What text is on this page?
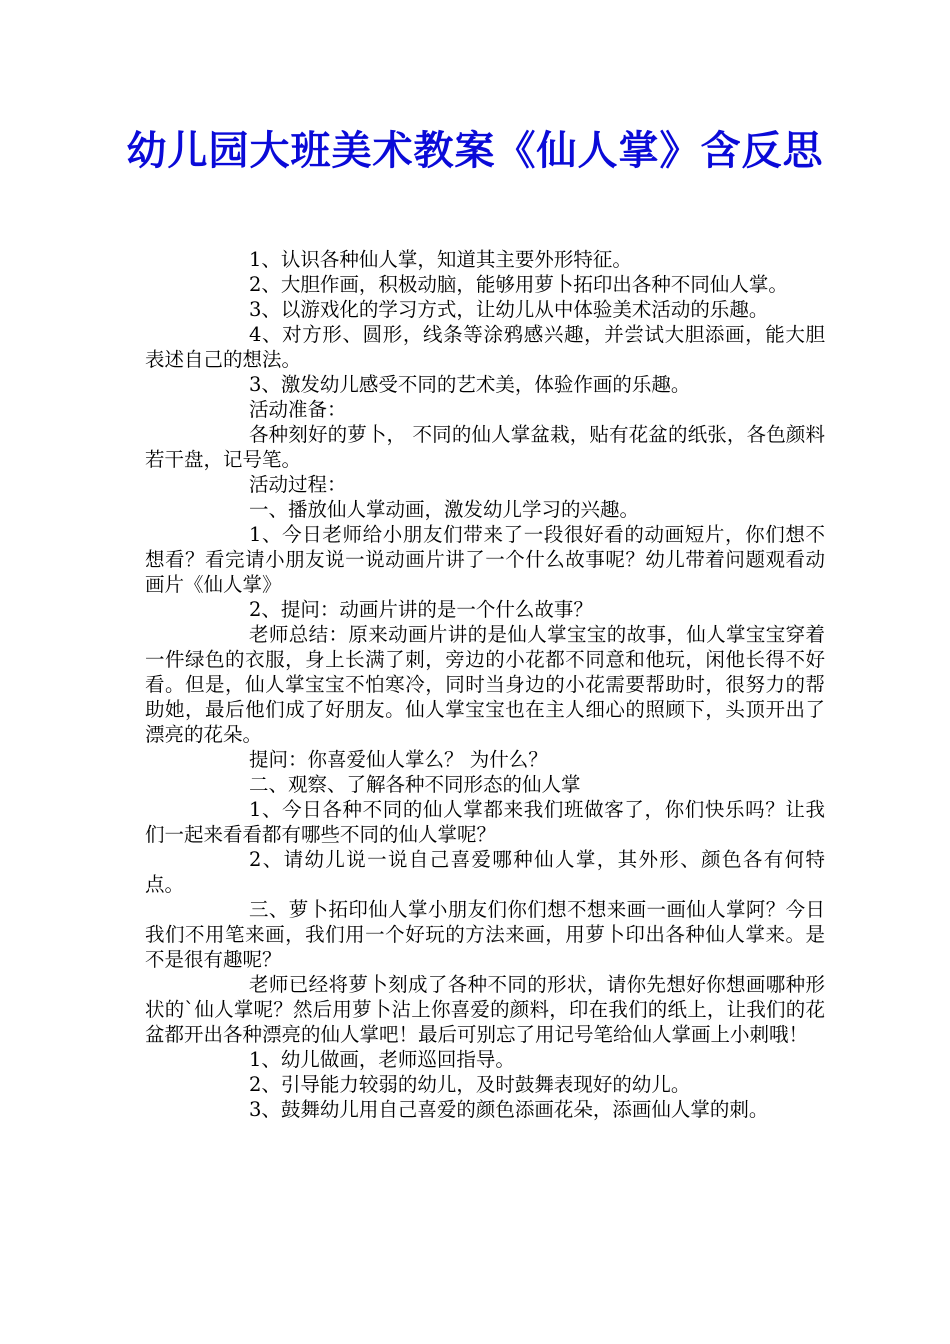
幼儿园大班美术教案《仙人掌》含反思

1、认识各种仙人掌，知道其主要外形特征。

2、大胆作画，积极动脑，能够用萝卜拓印出各种不同仙人掌。

3、以游戏化的学习方式，让幼儿从中体验美术活动的乐趣。

4、对方形、圆形，线条等涂鸦感兴趣，并尝试大胆添画，能大胆表述自己的想法。

3、激发幼儿感受不同的艺术美，体验作画的乐趣。

活动准备：

各种刻好的萝卜， 不同的仙人掌盆栽，贴有花盆的纸张，各色颜料若干盘，记号笔。

活动过程：

一、播放仙人掌动画，激发幼儿学习的兴趣。

1、今日老师给小朋友们带来了一段很好看的动画短片，你们想不想看？看完请小朋友说一说动画片讲了一个什么故事呢？幼儿带着问题观看动画片《仙人掌》

2、提问：动画片讲的是一个什么故事？

老师总结：原来动画片讲的是仙人掌宝宝的故事，仙人掌宝宝穿着一件绿色的衣服，身上长满了刺，旁边的小花都不同意和他玩，闲他长得不好看。但是，仙人掌宝宝不怕寒冷，同时当身边的小花需要帮助时，很努力的帮助她，最后他们成了好朋友。仙人掌宝宝也在主人细心的照顾下，头顶开出了漂亮的花朵。

提问：你喜爱仙人掌么？ 为什么？

二、观察、了解各种不同形态的仙人掌

1、今日各种不同的仙人掌都来我们班做客了，你们快乐吗？让我们一起来看看都有哪些不同的仙人掌呢？

2、请幼儿说一说自己喜爱哪种仙人掌，其外形、颜色各有何特点。

三、萝卜拓印仙人掌小朋友们你们想不想来画一画仙人掌阿？今日我们不用笔来画，我们用一个好玩的方法来画，用萝卜印出各种仙人掌来。是不是很有趣呢？

老师已经将萝卜刻成了各种不同的形状，请你先想好你想画哪种形状的`仙人掌呢？然后用萝卜沾上你喜爱的颜料，印在我们的纸上，让我们的花盆都开出各种漂亮的仙人掌吧！最后可别忘了用记号笔给仙人掌画上小刺哦！

1、幼儿做画，老师巡回指导。

2、引导能力较弱的幼儿，及时鼓舞表现好的幼儿。

3、鼓舞幼儿用自己喜爱的颜色添画花朵，添画仙人掌的刺。
